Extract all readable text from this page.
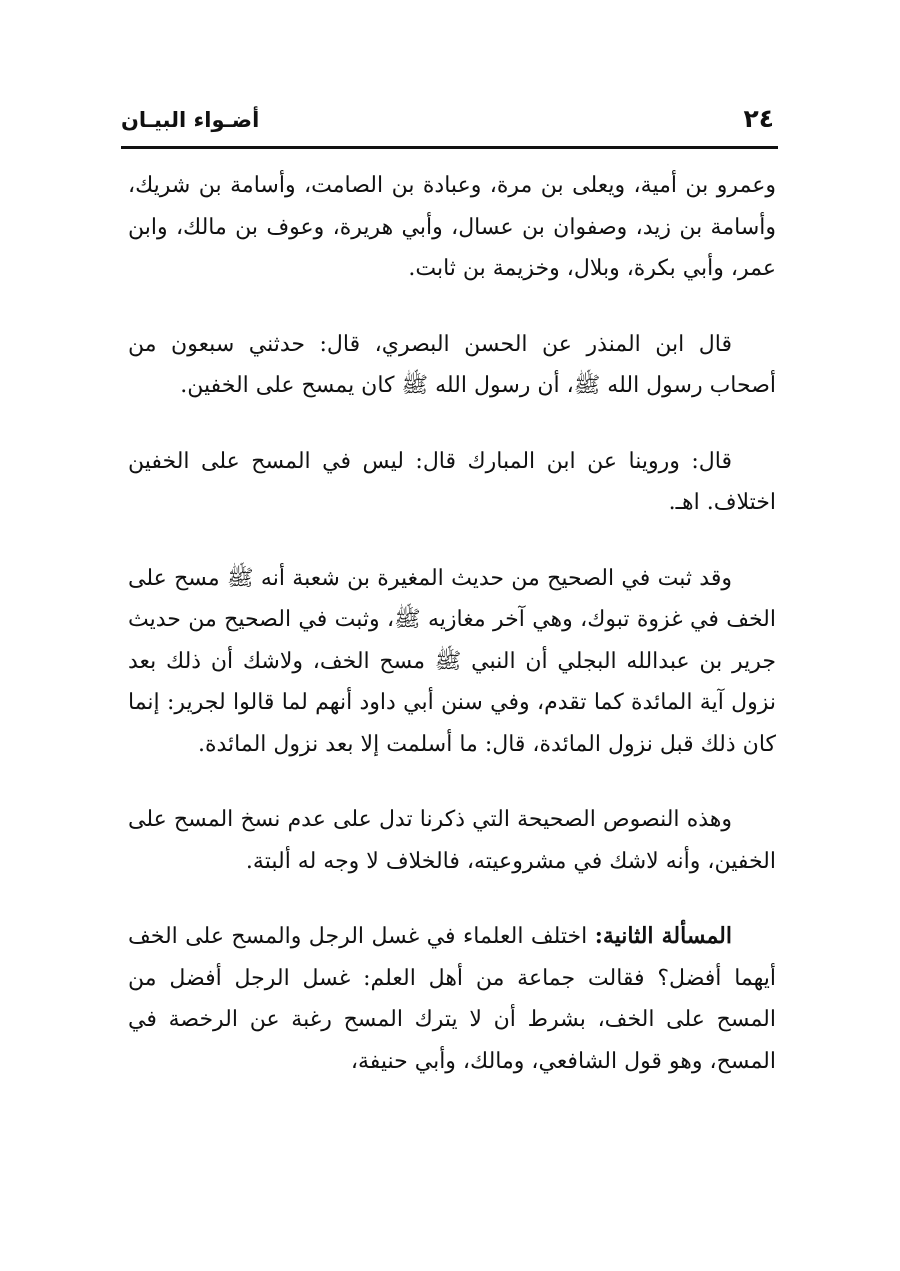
أضـواء البيـان	٢٤

وعمرو بن أمية، ويعلى بن مرة، وعبادة بن الصامت، وأسامة بن شريك، وأسامة بن زيد، وصفوان بن عسال، وأبي هريرة، وعوف بن مالك، وابن عمر، وأبي بكرة، وبلال، وخزيمة بن ثابت.

قال ابن المنذر عن الحسن البصري، قال: حدثني سبعون من أصحاب رسول الله ﷺ، أن رسول الله ﷺ كان يمسح على الخفين.

قال: وروينا عن ابن المبارك قال: ليس في المسح على الخفين اختلاف. اهـ.

وقد ثبت في الصحيح من حديث المغيرة بن شعبة أنه ﷺ مسح على الخف في غزوة تبوك، وهي آخر مغازيه ﷺ، وثبت في الصحيح من حديث جرير بن عبدالله البجلي أن النبي ﷺ مسح الخف، ولاشك أن ذلك بعد نزول آية المائدة كما تقدم، وفي سنن أبي داود أنهم لما قالوا لجرير: إنما كان ذلك قبل نزول المائدة، قال: ما أسلمت إلا بعد نزول المائدة.

وهذه النصوص الصحيحة التي ذكرنا تدل على عدم نسخ المسح على الخفين، وأنه لاشك في مشروعيته، فالخلاف لا وجه له ألبتة.

المسألة الثانية: اختلف العلماء في غسل الرجل والمسح على الخف أيهما أفضل؟ فقالت جماعة من أهل العلم: غسل الرجل أفضل من المسح على الخف، بشرط أن لا يترك المسح رغبة عن الرخصة في المسح، وهو قول الشافعي، ومالك، وأبي حنيفة،
